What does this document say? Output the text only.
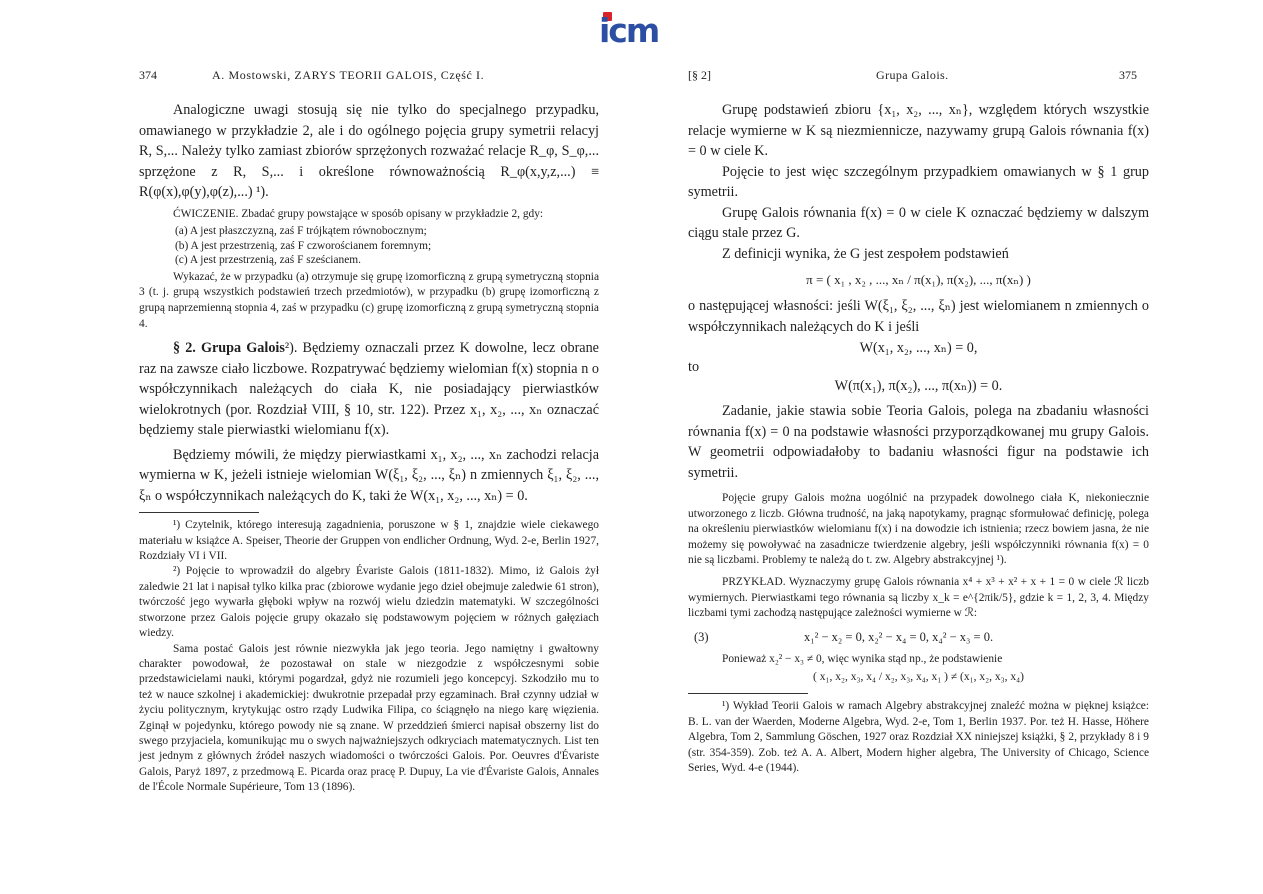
icm
374	A. Mostowski, ZARYS TEORII GALOIS, Część I.

Analogiczne uwagi stosują się nie tylko do specjalnego przypadku, omawianego w przykładzie 2, ale i do ogólnego pojęcia grupy symetrii relacyj R, S,... Należy tylko zamiast zbiorów sprzężonych rozważać relacje R_φ, S_φ,... sprzężone z R, S,... i określone równoważnością R_φ(x,y,z,...) ≡ R(φ(x),φ(y),φ(z),...) ¹).

ĆWICZENIE. Zbadać grupy powstające w sposób opisany w przykładzie 2, gdy:

(a) A jest płaszczyzną, zaś F trójkątem równobocznym;
(b) A jest przestrzenią, zaś F czworościanem foremnym;
(c) A jest przestrzenią, zaś F sześcianem.

Wykazać, że w przypadku (a) otrzymuje się grupę izomorficzną z grupą symetryczną stopnia 3 (t. j. grupą wszystkich podstawień trzech przedmiotów), w przypadku (b) grupę izomorficzną z grupą naprzemienną stopnia 4, zaś w przypadku (c) grupę izomorficzną z grupą symetryczną stopnia 4.

§ 2. Grupa Galois²). Będziemy oznaczali przez K dowolne, lecz obrane raz na zawsze ciało liczbowe. Rozpatrywać będziemy wielomian f(x) stopnia n o współczynnikach należących do ciała K, nie posiadający pierwiastków wielokrotnych (por. Rozdział VIII, § 10, str. 122). Przez x₁, x₂, ..., xₙ oznaczać będziemy stale pierwiastki wielomianu f(x).

Będziemy mówili, że między pierwiastkami x₁, x₂, ..., xₙ zachodzi relacja wymierna w K, jeżeli istnieje wielomian W(ξ₁, ξ₂, ..., ξₙ) n zmiennych ξ₁, ξ₂, ..., ξₙ o współczynnikach należących do K, taki że W(x₁, x₂, ..., xₙ) = 0.

¹) Czytelnik, którego interesują zagadnienia, poruszone w § 1, znajdzie wiele ciekawego materiału w książce A. Speiser, Theorie der Gruppen von endlicher Ordnung, Wyd. 2-e, Berlin 1927, Rozdziały VI i VII.

²) Pojęcie to wprowadził do algebry Évariste Galois (1811-1832). Mimo, iż Galois żył zaledwie 21 lat i napisał tylko kilka prac (zbiorowe wydanie jego dzieł obejmuje zaledwie 61 stron), twórczość jego wywarła głęboki wpływ na rozwój wielu dziedzin matematyki. W szczególności stworzone przez Galois pojęcie grupy okazało się podstawowym pojęciem w różnych gałęziach wiedzy.

Sama postać Galois jest równie niezwykła jak jego teoria. Jego namiętny i gwałtowny charakter powodował, że pozostawał on stale w niezgodzie z współczesnymi sobie przedstawicielami nauki, którymi pogardzał, gdyż nie rozumieli jego koncepcyj. Szkodziło mu to też w nauce szkolnej i akademickiej: dwukrotnie przepadał przy egzaminach. Brał czynny udział w życiu politycznym, krytykując ostro rządy Ludwika Filipa, co ściągnęło na niego karę więzienia. Zginął w pojedynku, którego powody nie są znane. W przeddzień śmierci napisał obszerny list do swego przyjaciela, komunikując mu o swych najważniejszych odkryciach matematycznych. List ten jest jednym z głównych źródeł naszych wiadomości o twórczości Galois. Por. Oeuvres d'Évariste Galois, Paryż 1897, z przedmową E. Picarda oraz pracę P. Dupuy, La vie d'Évariste Galois, Annales de l'École Normale Supérieure, Tom 13 (1896).

[§ 2]	Grupa Galois.	375

Grupę podstawień zbioru {x₁, x₂, ..., xₙ}, względem których wszystkie relacje wymierne w K są niezmiennicze, nazywamy grupą Galois równania f(x) = 0 w ciele K.

Pojęcie to jest więc szczególnym przypadkiem omawianych w § 1 grup symetrii.

Grupę Galois równania f(x) = 0 w ciele K oznaczać będziemy w dalszym ciągu stale przez G.

Z definicji wynika, że G jest zespołem podstawień

π = ( x₁ , x₂ , ..., xₙ / π(x₁), π(x₂), ..., π(xₙ) )

o następującej własności: jeśli W(ξ₁, ξ₂, ..., ξₙ) jest wielomianem n zmiennych o współczynnikach należących do K i jeśli

W(x₁, x₂, ..., xₙ) = 0,

to

W(π(x₁), π(x₂), ..., π(xₙ)) = 0.

Zadanie, jakie stawia sobie Teoria Galois, polega na zbadaniu własności równania f(x) = 0 na podstawie własności przyporządkowanej mu grupy Galois. W geometrii odpowiadałoby to badaniu własności figur na podstawie ich symetrii.

Pojęcie grupy Galois można uogólnić na przypadek dowolnego ciała K, niekoniecznie utworzonego z liczb. Główna trudność, na jaką napotykamy, pragnąc sformułować definicję, polega na określeniu pierwiastków wielomianu f(x) i na dowodzie ich istnienia; rzecz bowiem jasna, że nie możemy się powoływać na zasadnicze twierdzenie algebry, jeśli współczynniki równania f(x) = 0 nie są liczbami. Problemy te należą do t. zw. Algebry abstrakcyjnej ¹).

PRZYKŁAD. Wyznaczymy grupę Galois równania x⁴ + x³ + x² + x + 1 = 0 w ciele ℛ liczb wymiernych. Pierwiastkami tego równania są liczby x_k = e^{2πik/5}, gdzie k = 1, 2, 3, 4. Między liczbami tymi zachodzą następujące zależności wymierne w ℛ:

(3)	x₁² − x₂ = 0, x₂² − x₄ = 0, x₄² − x₃ = 0.

Ponieważ x₂² − x₃ ≠ 0, więc wynika stąd np., że podstawienie

( x₁, x₂, x₃, x₄ / x₂, x₃, x₄, x₁ ) ≠ (x₁, x₂, x₃, x₄)

¹) Wykład Teorii Galois w ramach Algebry abstrakcyjnej znaleźć można w pięknej książce: B. L. van der Waerden, Moderne Algebra, Wyd. 2-e, Tom 1, Berlin 1937. Por. też H. Hasse, Höhere Algebra, Tom 2, Sammlung Göschen, 1927 oraz Rozdział XX niniejszej książki, § 2, przykłady 8 i 9 (str. 354-359). Zob. też A. A. Albert, Modern higher algebra, The University of Chicago, Science Series, Wyd. 4-e (1944).
